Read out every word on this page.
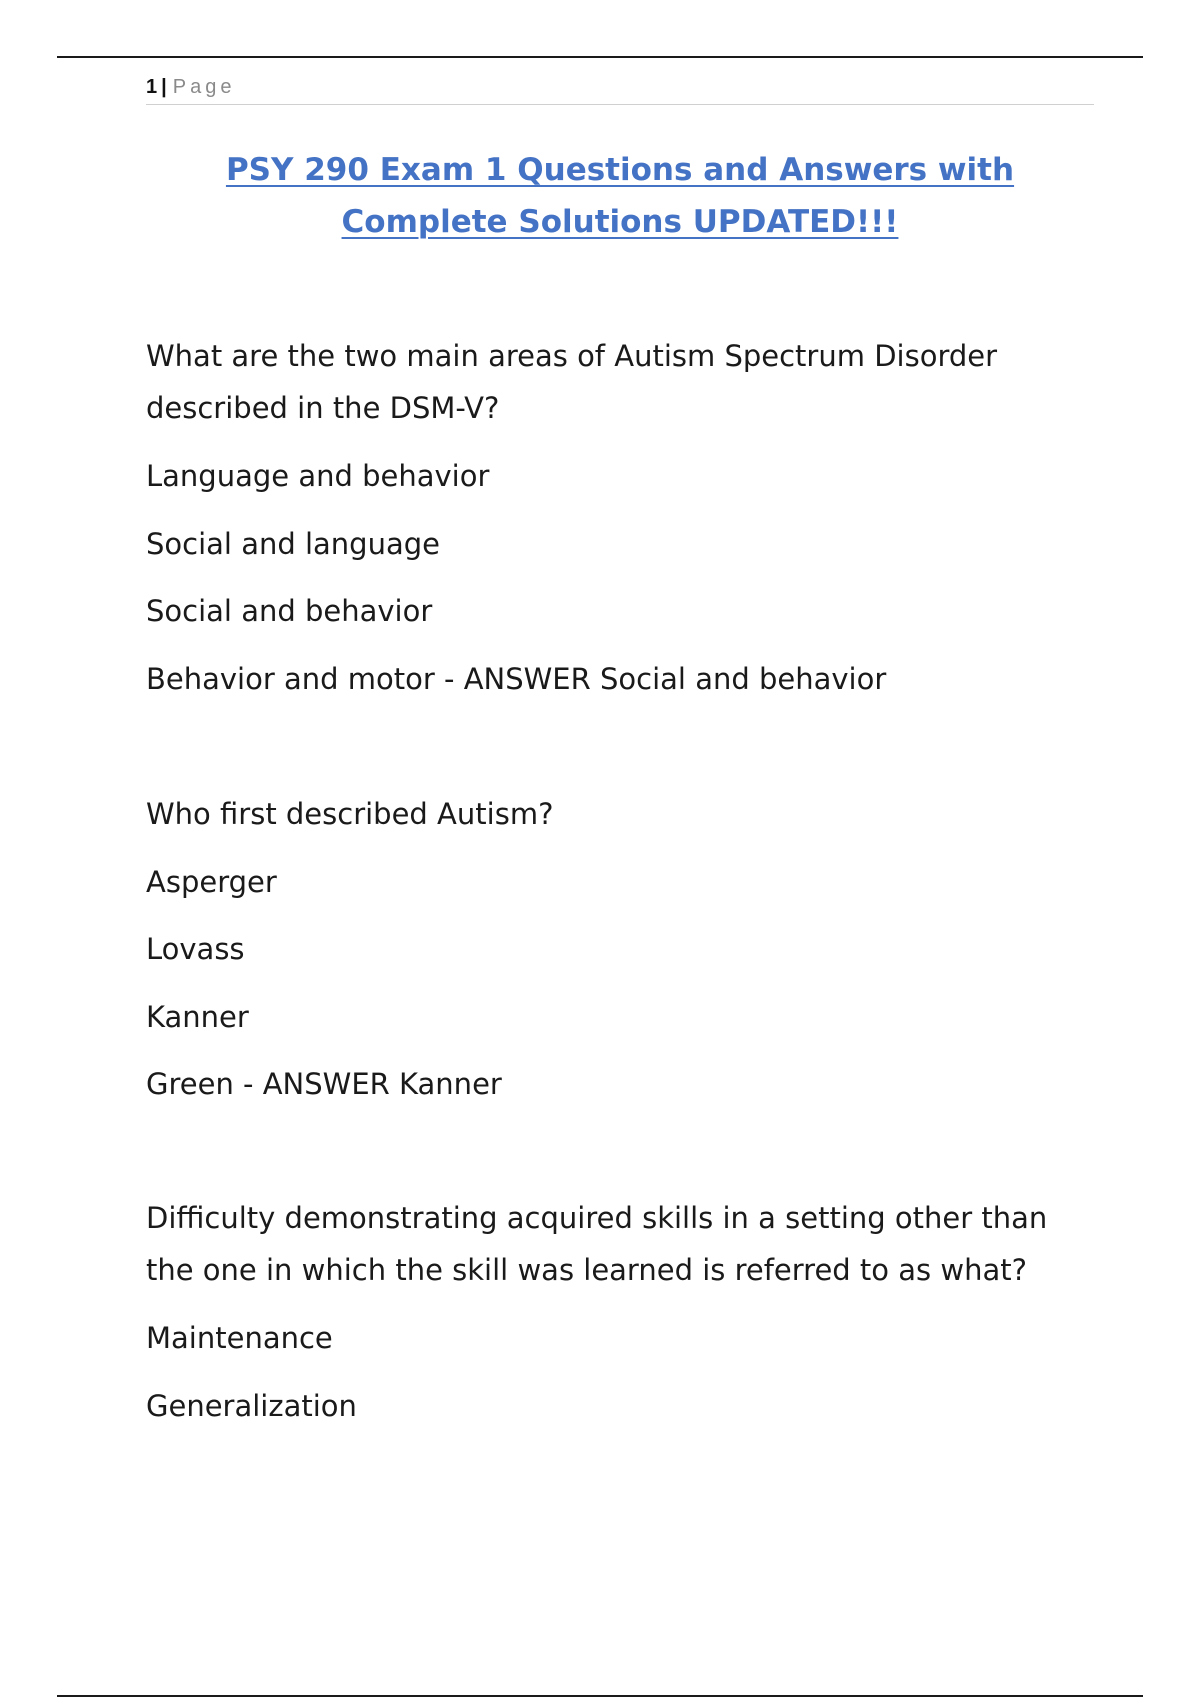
1 | Page
PSY 290 Exam 1 Questions and Answers with
Complete Solutions UPDATED!!!
What are the two main areas of Autism Spectrum Disorder described in the DSM-V?
Language and behavior
Social and language
Social and behavior
Behavior and motor - ANSWER Social and behavior
Who first described Autism?
Asperger
Lovass
Kanner
Green - ANSWER Kanner
Difficulty demonstrating acquired skills in a setting other than the one in which the skill was learned is referred to as what?
Maintenance
Generalization
